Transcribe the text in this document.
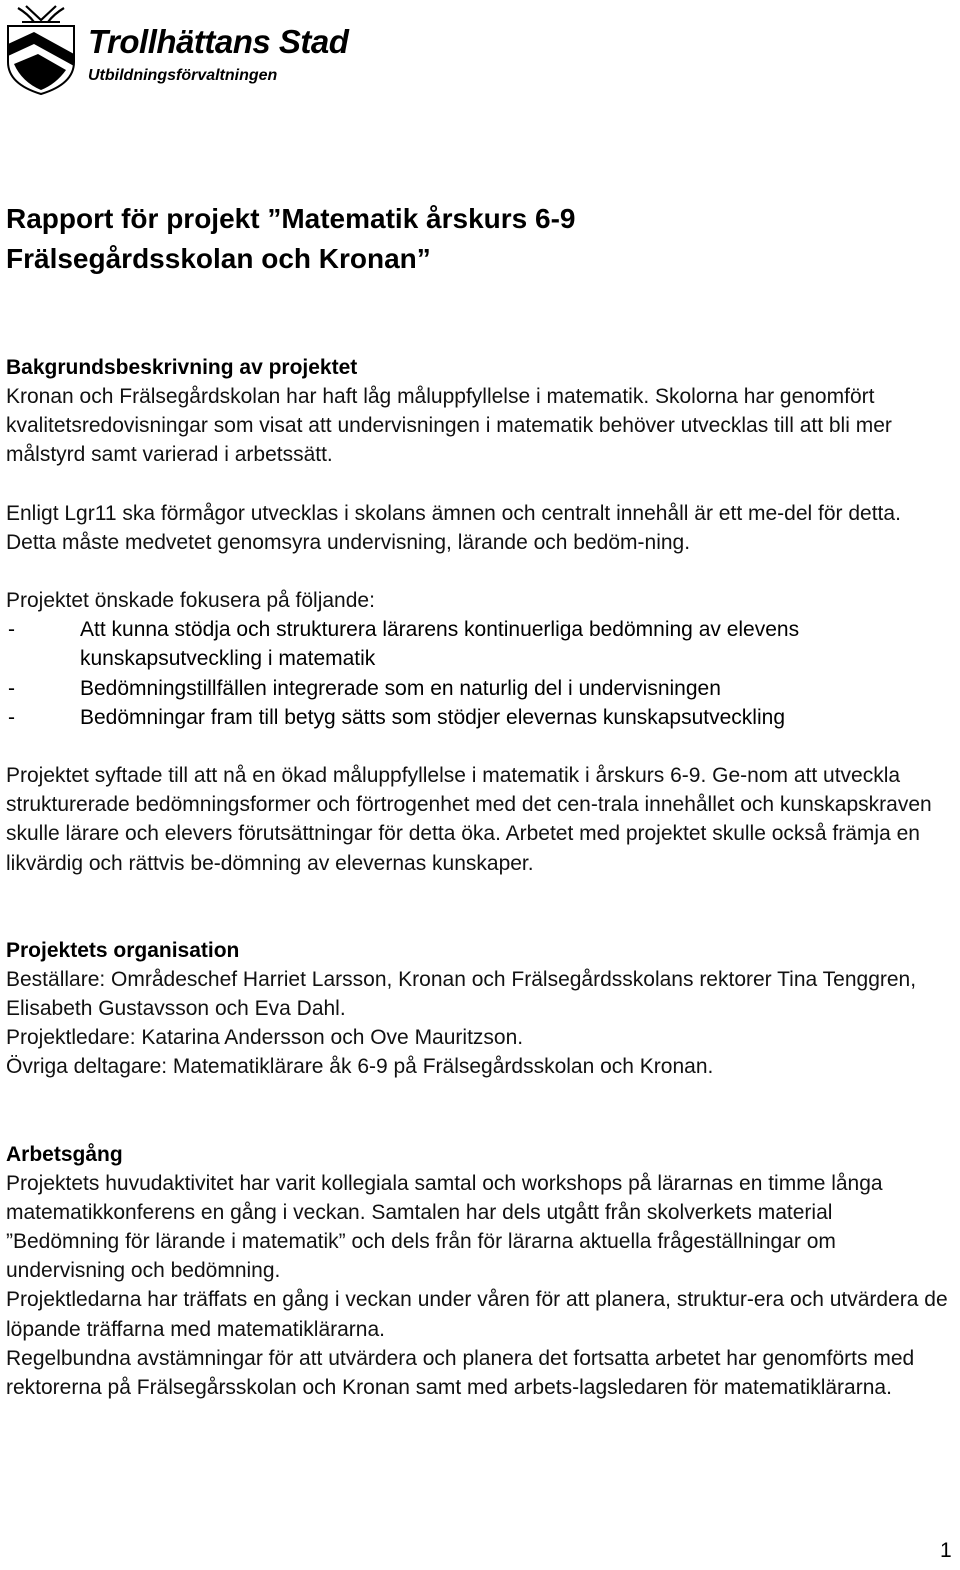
Trollhättans Stad
Utbildningsförvaltningen
Rapport för projekt ”Matematik årskurs 6-9
Frälsegårdsskolan och Kronan”
Bakgrundsbeskrivning av projektet

Kronan och Frälsegårdskolan har haft låg måluppfyllelse i matematik. Skolorna har genomfört kvalitetsredovisningar som visat att undervisningen i matematik behöver utvecklas till att bli mer målstyrd samt varierad i arbetssätt.

Enligt Lgr11 ska förmågor utvecklas i skolans ämnen och centralt innehåll är ett me-del för detta. Detta måste medvetet genomsyra undervisning, lärande och bedöm-ning.

Projektet önskade fokusera på följande:

-	Att kunna stödja och strukturera lärarens kontinuerliga bedömning av elevens kunskapsutveckling i matematik
-	Bedömningstillfällen integrerade som en naturlig del i undervisningen
-	Bedömningar fram till betyg sätts som stödjer elevernas kunskapsutveckling

Projektet syftade till att nå en ökad måluppfyllelse i matematik i årskurs 6-9. Ge-nom att utveckla strukturerade bedömningsformer och förtrogenhet med det cen-trala innehållet och kunskapskraven skulle lärare och elevers förutsättningar för detta öka. Arbetet med projektet skulle också främja en likvärdig och rättvis be-dömning av elevernas kunskaper.

Projektets organisation

Beställare: Områdeschef Harriet Larsson, Kronan och Frälsegårdsskolans rektorer Tina Tenggren, Elisabeth Gustavsson och Eva Dahl.

Projektledare: Katarina Andersson och Ove Mauritzson.

Övriga deltagare: Matematiklärare åk 6-9 på Frälsegårdsskolan och Kronan.

Arbetsgång

Projektets huvudaktivitet har varit kollegiala samtal och workshops på lärarnas en timme långa matematikkonferens en gång i veckan. Samtalen har dels utgått från skolverkets material ”Bedömning för lärande i matematik” och dels från för lärarna aktuella frågeställningar om undervisning och bedömning.

Projektledarna har träffats en gång i veckan under våren för att planera, struktur-era och utvärdera de löpande träffarna med matematiklärarna.

Regelbundna avstämningar för att utvärdera och planera det fortsatta arbetet har genomförts med rektorerna på Frälsegårsskolan och Kronan samt med arbets-lagsledaren för matematiklärarna.

1
